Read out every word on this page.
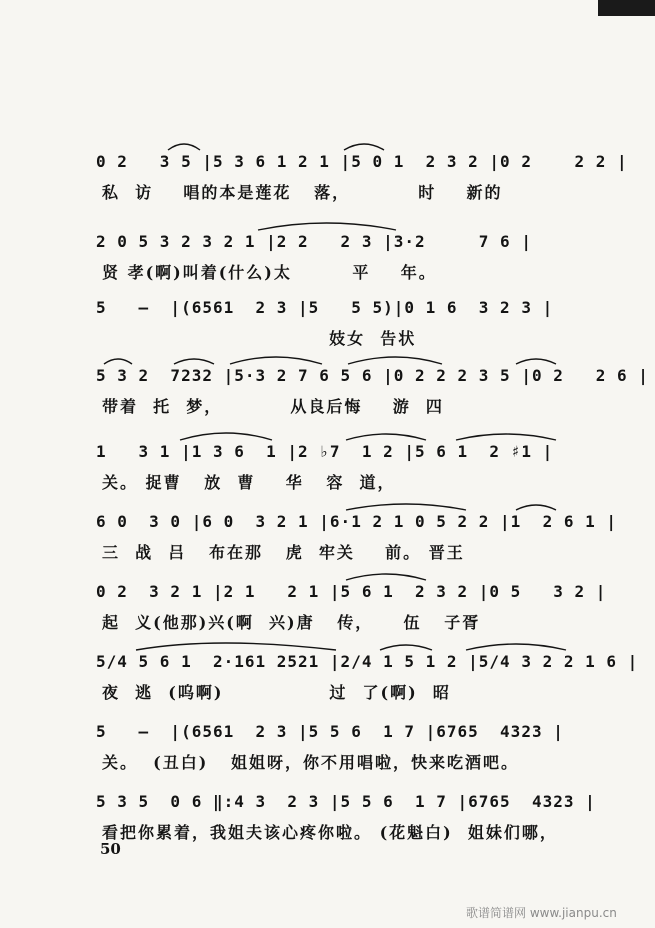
0 2   3 5 |5 3 6 1 2 1 |5 0 1  2 3 2 |0 2    2 2 |
私  访    唱的本是莲花   落，         时    新的
2 0 5 3 2 3 2 1 |2 2   2 3 |3·2     7 6 |
贤 孝(啊)叫着(什么)太        平    年。
5   —  |(6561  2 3 |5   5 5)|0 1 6  3 2 3 |
妓女  告状
5 3 2  7232 |5·3 2 7 6 5 6 |0 2 2 2 3 5 |0 2   2 6 |
带着  托  梦，         从良后悔    游  四
1   3 1 |1 3 6  1 |2 ♭7  1 2 |5 6 1  2 ♯1 |
关。 捉曹   放  曹    华   容  道，
6 0  3 0 |6 0  3 2 1 |6·1 2 1 0 5 2 2 |1  2 6 1 |
三  战  吕   布在那   虎  牢关    前。 晋王
0 2  3 2 1 |2 1   2 1 |5 6 1  2 3 2 |0 5   3 2 |
起  义(他那)兴(啊  兴)唐   传，    伍   子胥
5/4 5 6 1  2·161 2521 |2/4 1 5 1 2 |5/4 3 2 2 1 6 |
夜  逃  (呜啊)              过  了(啊)  昭
5   —  |(6561  2 3 |5 5 6  1 7 |6765  4323 |
关。  (丑白)   姐姐呀，你不用唱啦，快来吃酒吧。
5 3 5  0 6 ‖:4 3  2 3 |5 5 6  1 7 |6765  4323 |
看把你累着，我姐夫该心疼你啦。 (花魁白)  姐妹们哪，
50
歌谱简谱网 www.jianpu.cn
